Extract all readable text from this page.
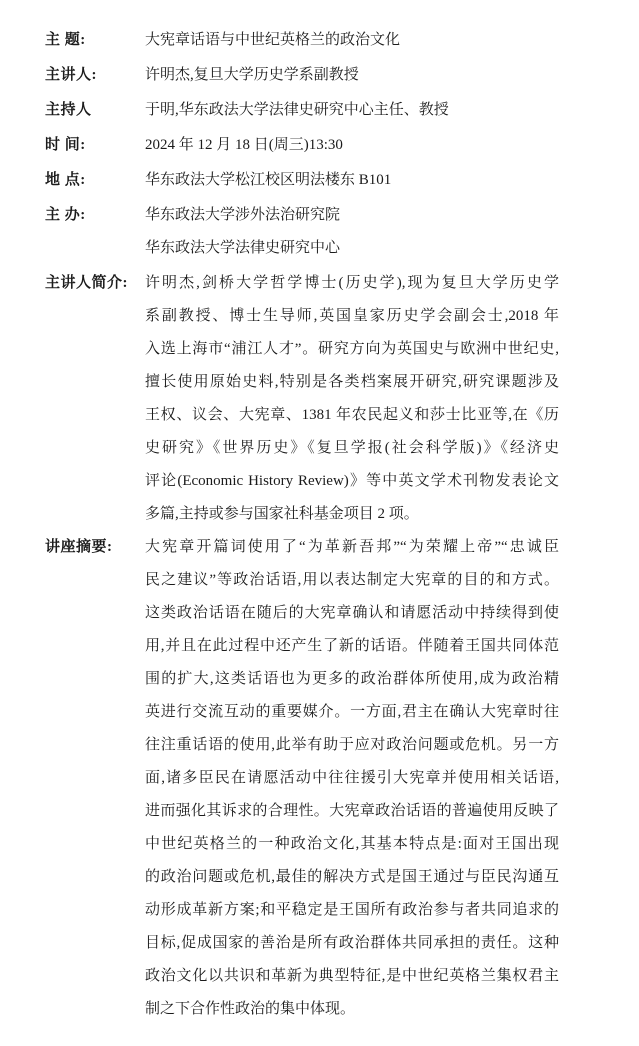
主 题:	大宪章话语与中世纪英格兰的政治文化
主讲人:	许明杰,复旦大学历史学系副教授
主持人	于明,华东政法大学法律史研究中心主任、教授
时 间:	2024 年 12 月 18 日(周三)13:30
地 点:	华东政法大学松江校区明法楼东 B101
主 办:	华东政法大学涉外法治研究院
华东政法大学法律史研究中心
主讲人简介:	许明杰,剑桥大学哲学博士(历史学),现为复旦大学历史学
系副教授、博士生导师,英国皇家历史学会副会士,2018 年
入选上海市“浦江人才”。研究方向为英国史与欧洲中世纪史,
擅长使用原始史料,特别是各类档案展开研究,研究课题涉及
王权、议会、大宪章、1381 年农民起义和莎士比亚等,在《历
史研究》《世界历史》《复旦学报(社会科学版)》《经济史
评论(Economic History Review)》等中英文学术刊物发表论文
多篇,主持或参与国家社科基金项目 2 项。
讲座摘要:	大宪章开篇词使用了“为革新吾邦”“为荣耀上帝”“忠诚臣
民之建议”等政治话语,用以表达制定大宪章的目的和方式。
这类政治话语在随后的大宪章确认和请愿活动中持续得到使
用,并且在此过程中还产生了新的话语。伴随着王国共同体范
围的扩大,这类话语也为更多的政治群体所使用,成为政治精
英进行交流互动的重要媒介。一方面,君主在确认大宪章时往
往注重话语的使用,此举有助于应对政治问题或危机。另一方
面,诸多臣民在请愿活动中往往援引大宪章并使用相关话语,
进而强化其诉求的合理性。大宪章政治话语的普遍使用反映了
中世纪英格兰的一种政治文化,其基本特点是:面对王国出现
的政治问题或危机,最佳的解决方式是国王通过与臣民沟通互
动形成革新方案;和平稳定是王国所有政治参与者共同追求的
目标,促成国家的善治是所有政治群体共同承担的责任。这种
政治文化以共识和革新为典型特征,是中世纪英格兰集权君主
制之下合作性政治的集中体现。
